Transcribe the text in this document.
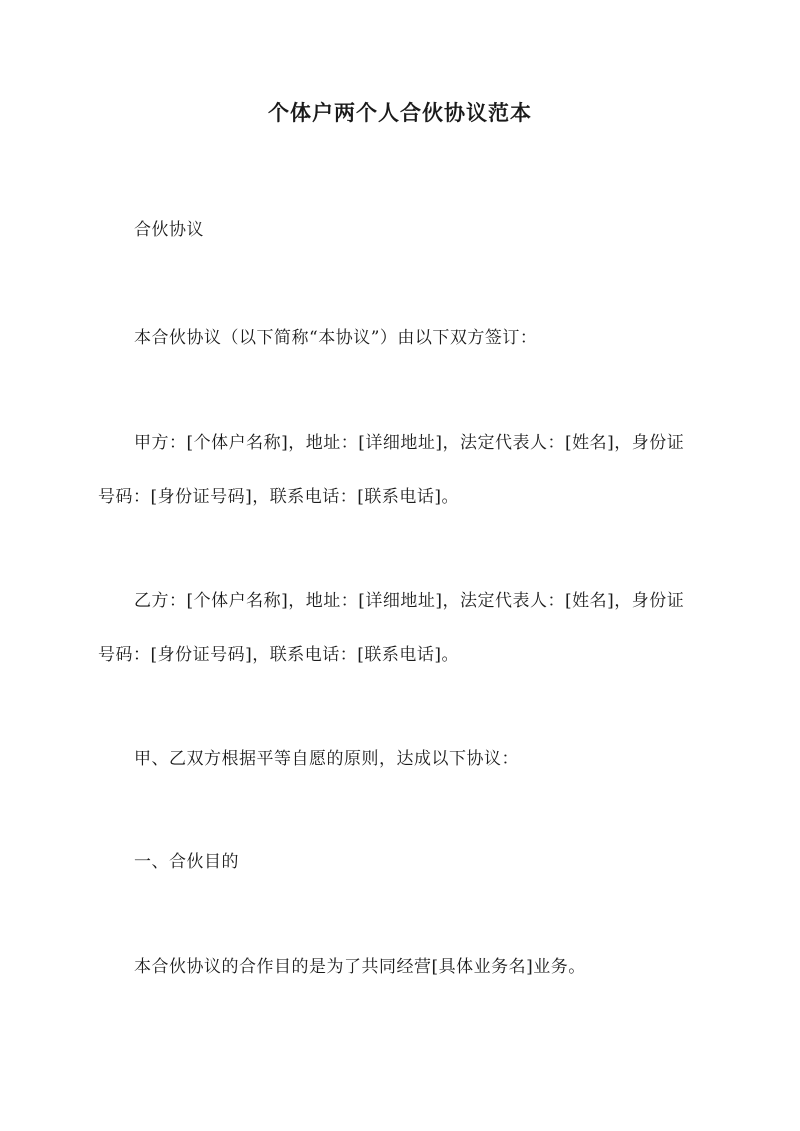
个体户两个人合伙协议范本

合伙协议

本合伙协议（以下简称“本协议”）由以下双方签订：

甲方：[个体户名称]，地址：[详细地址]，法定代表人：[姓名]，身份证号码：[身份证号码]，联系电话：[联系电话]。

乙方：[个体户名称]，地址：[详细地址]，法定代表人：[姓名]，身份证号码：[身份证号码]，联系电话：[联系电话]。

甲、乙双方根据平等自愿的原则，达成以下协议：

一、合伙目的

本合伙协议的合作目的是为了共同经营[具体业务名]业务。
